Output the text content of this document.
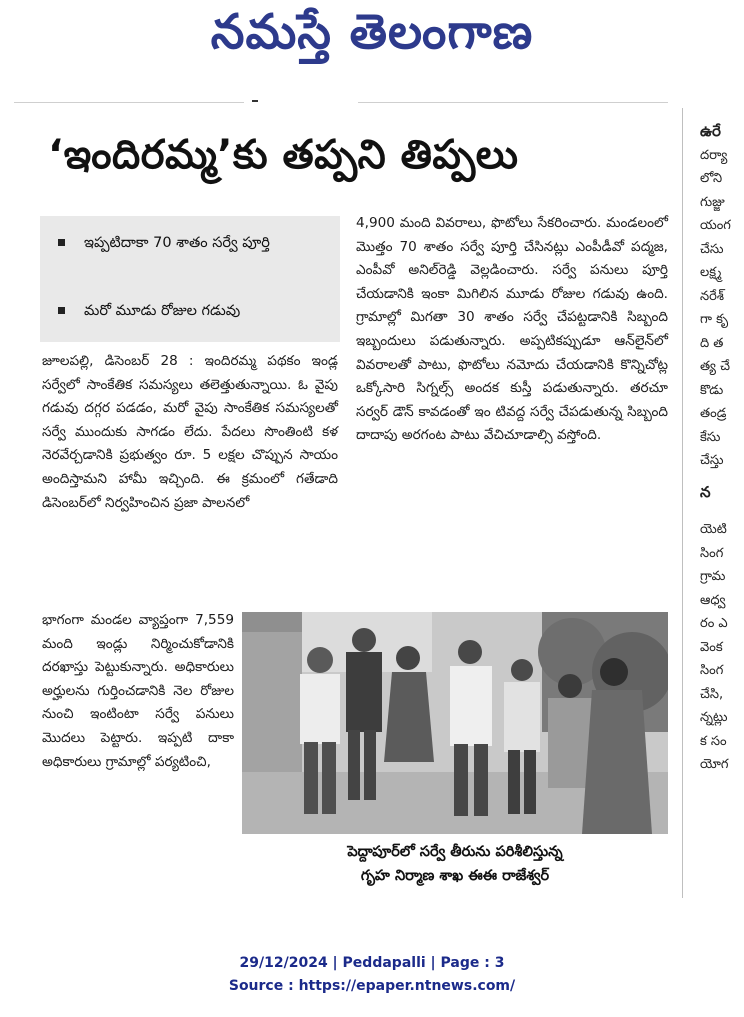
నమస్తే తెలంగాణ
‘ఇందిరమ్మ’కు తప్పని తిప్పలు
ఇప్పటిదాకా 70 శాతం సర్వే పూర్తి
మరో మూడు రోజుల గడువు
జూలపల్లి, డిసెంబర్ 28 : ఇందిరమ్మ పథకం ఇండ్ల సర్వేలో సాంకేతిక సమస్యలు తలెత్తుతున్నాయి. ఓ వైపు గడువు దగ్గర పడడం, మరో వైపు సాంకేతిక సమస్యలతో సర్వే ముందుకు సాగడం లేదు. పేదలు సొంతింటి కళ నెరవేర్చడానికి ప్రభుత్వం రూ. 5 లక్షల చొప్పున సాయం అందిస్తామని హామీ ఇచ్చింది. ఈ క్రమంలో గతేడాది డిసెంబర్‌లో నిర్వహించిన ప్రజా పాలనలో
భాగంగా మండల వ్యాప్తంగా 7,559 మంది ఇండ్లు నిర్మించుకోడానికి దరఖాస్తు పెట్టుకున్నారు. అధికారులు అర్హులను గుర్తించడానికి నెల రోజుల నుంచి ఇంటింటా సర్వే పనులు మొదలు పెట్టారు. ఇప్పటి దాకా అధికారులు గ్రామాల్లో పర్యటించి,
4,900 మంది వివరాలు, ఫొటోలు సేకరించారు. మండలంలో మొత్తం 70 శాతం సర్వే పూర్తి చేసినట్లు ఎంపీడీవో పద్మజ, ఎంపీవో అనిల్‌రెడ్డి వెల్లడించారు. సర్వే పనులు పూర్తి చేయడానికి ఇంకా మిగిలిన మూడు రోజుల గడువు ఉంది. గ్రామాల్లో మిగతా 30 శాతం సర్వే చేపట్టడానికి సిబ్బంది ఇబ్బందులు పడుతున్నారు. అప్పటికప్పుడూ ఆన్‌లైన్‌లో వివరాలతో పాటు, ఫొటోలు నమోదు చేయడానికి కొన్నిచోట్ల ఒక్కోసారి సిగ్నల్స్ అందక కుస్తీ పడుతున్నారు. తరచూ సర్వర్ డౌన్ కావడంతో ఇం టివద్ద సర్వే చేపడుతున్న సిబ్బంది దాదాపు అరగంట పాటు వేచిచూడాల్సి వస్తోంది.
పెద్దాపూర్‌లో సర్వే తీరును పరిశీలిస్తున్న
గృహ నిర్మాణ శాఖ ఈఈ రాజేశ్వర్
ఉరే
దర్యా
లోని
గుజ్జు
యంగ
చేసు
లక్ష్మ
నరేశ్
గా కృ
ది త
త్య చే
కొడు
తండ్ర
కేసు
చేస్తు
న
యెటి
సింగ
గ్రామ
ఆధ్వ
రం ఎ
వెంక
సింగ
చేసి,
న్నట్లు
క సం
యోగ
29/12/2024 | Peddapalli | Page : 3
Source : https://epaper.ntnews.com/
